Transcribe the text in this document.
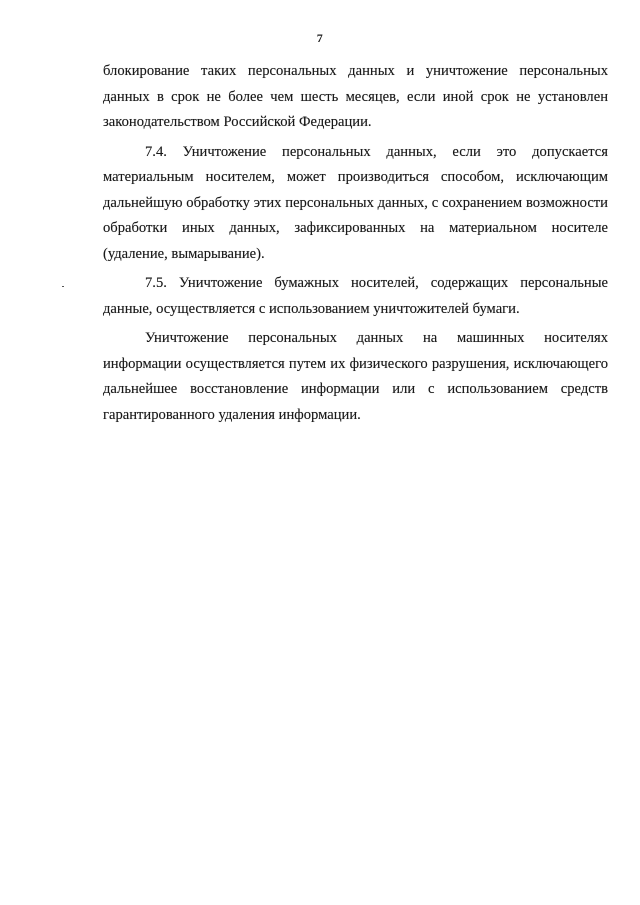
7

блокирование таких персональных данных и уничтожение персональных данных в срок не более чем шесть месяцев, если иной срок не установлен законодательством Российской Федерации.

7.4. Уничтожение персональных данных, если это допускается материальным носителем, может производиться способом, исключающим дальнейшую обработку этих персональных данных, с сохранением возможности обработки иных данных, зафиксированных на материальном носителе (удаление, вымарывание).

7.5. Уничтожение бумажных носителей, содержащих персональные данные, осуществляется с использованием уничтожителей бумаги.

Уничтожение персональных данных на машинных носителях информации осуществляется путем их физического разрушения, исключающего дальнейшее восстановление информации или с использованием средств гарантированного удаления информации.
